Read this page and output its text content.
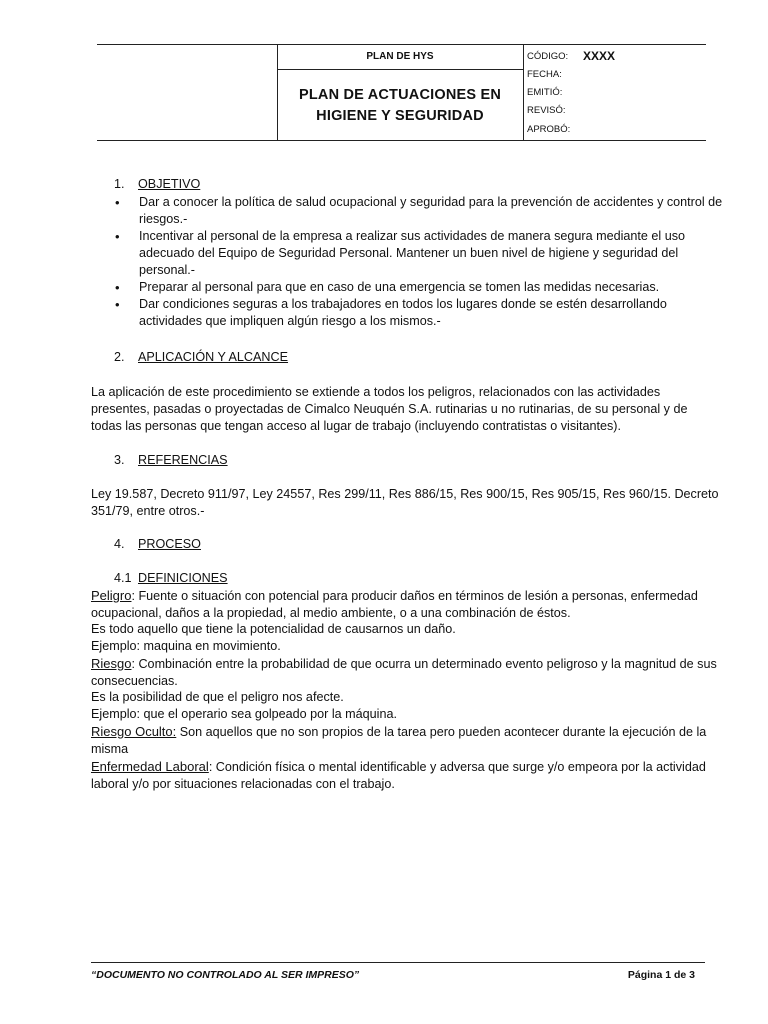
PLAN DE HYS
PLAN DE ACTUACIONES EN
HIGIENE Y SEGURIDAD
CÓDIGO: XXXX
FECHA:
EMITIÓ:
REVISÓ:
APROBÓ:
1. OBJETIVO
• Dar a conocer la política de salud ocupacional y seguridad para la prevención de accidentes y control de riesgos.-
• Incentivar al personal de la empresa a realizar sus actividades de manera segura mediante el uso adecuado del Equipo de Seguridad Personal. Mantener un buen nivel de higiene y seguridad del personal.-
• Preparar al personal para que en caso de una emergencia se tomen las medidas necesarias.
• Dar condiciones seguras a los trabajadores en todos los lugares donde se estén desarrollando actividades que impliquen algún riesgo a los mismos.-
2. APLICACIÓN Y ALCANCE
La aplicación de este procedimiento se extiende a todos los peligros, relacionados con las actividades presentes, pasadas o proyectadas de Cimalco Neuquén S.A. rutinarias u no rutinarias, de su personal y de todas las personas que tengan acceso al lugar de trabajo (incluyendo contratistas o visitantes).
3. REFERENCIAS
Ley 19.587, Decreto 911/97, Ley 24557, Res 299/11, Res 886/15, Res 900/15, Res 905/15, Res 960/15. Decreto 351/79, entre otros.-
4. PROCESO
4.1 DEFINICIONES
Peligro: Fuente o situación con potencial para producir daños en términos de lesión a personas, enfermedad ocupacional, daños a la propiedad, al medio ambiente, o a una combinación de éstos.
Es todo aquello que tiene la potencialidad de causarnos un daño.
Ejemplo: maquina en movimiento.
Riesgo: Combinación entre la probabilidad de que ocurra un determinado evento peligroso y la magnitud de sus consecuencias.
Es la posibilidad de que el peligro nos afecte.
Ejemplo: que el operario sea golpeado por la máquina.
Riesgo Oculto: Son aquellos que no son propios de la tarea pero pueden acontecer durante la ejecución de la misma
Enfermedad Laboral: Condición física o mental identificable y adversa que surge y/o empeora por la actividad laboral y/o por situaciones relacionadas con el trabajo.
“DOCUMENTO NO CONTROLADO AL SER IMPRESO”	Página 1 de 3
